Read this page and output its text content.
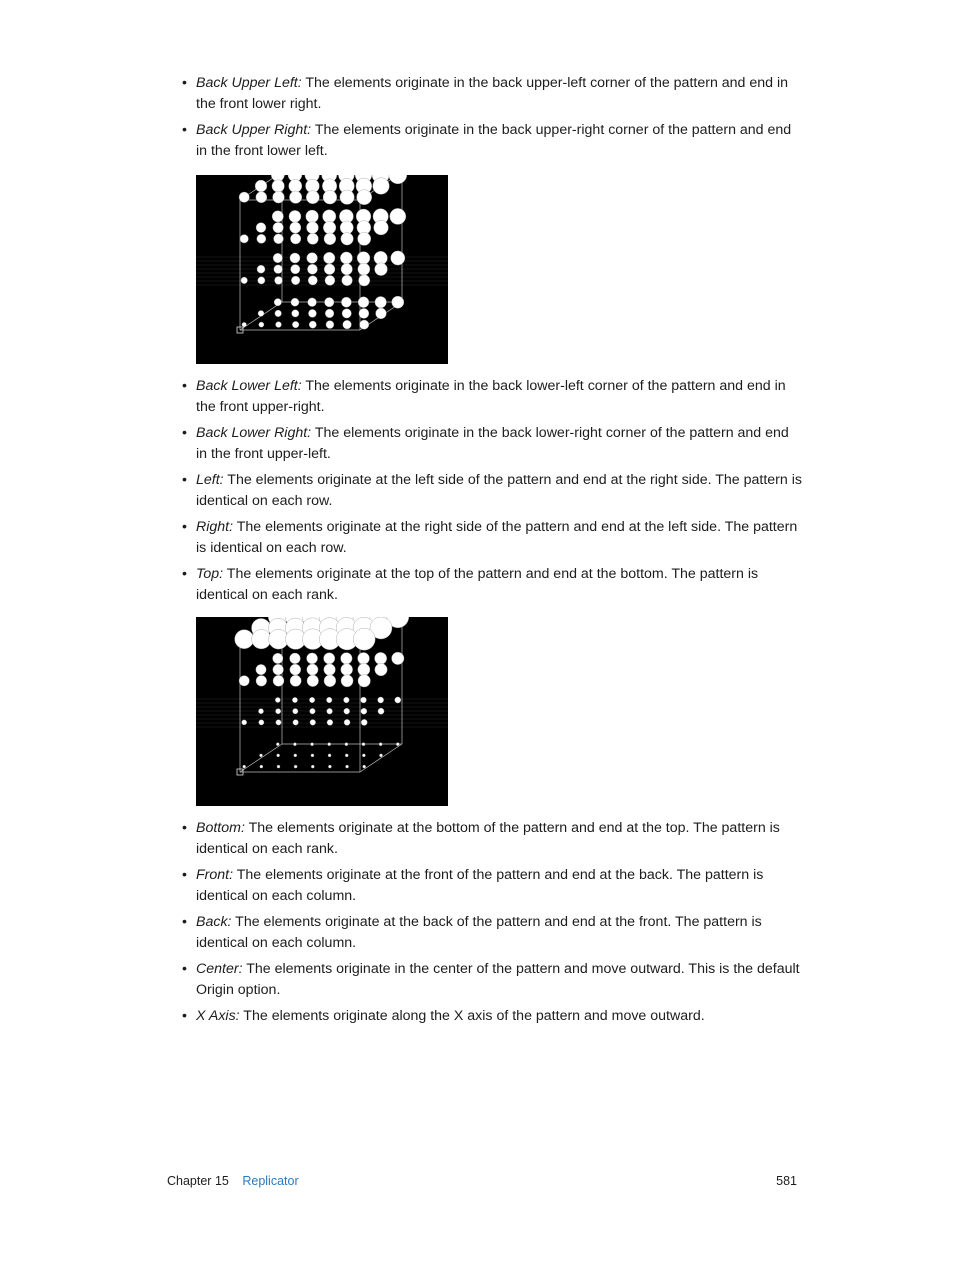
• Back Upper Left: The elements originate in the back upper-left corner of the pattern and end in the front lower right.
• Back Upper Right: The elements originate in the back upper-right corner of the pattern and end in the front lower left.
• Back Lower Left: The elements originate in the back lower-left corner of the pattern and end in the front upper-right.
• Back Lower Right: The elements originate in the back lower-right corner of the pattern and end in the front upper-left.
• Left: The elements originate at the left side of the pattern and end at the right side. The pattern is identical on each row.
• Right: The elements originate at the right side of the pattern and end at the left side. The pattern is identical on each row.
• Top: The elements originate at the top of the pattern and end at the bottom. The pattern is identical on each rank.
• Bottom: The elements originate at the bottom of the pattern and end at the top. The pattern is identical on each rank.
• Front: The elements originate at the front of the pattern and end at the back. The pattern is identical on each column.
• Back: The elements originate at the back of the pattern and end at the front. The pattern is identical on each column.
• Center: The elements originate in the center of the pattern and move outward. This is the default Origin option.
• X Axis: The elements originate along the X axis of the pattern and move outward.
Chapter 15 Replicator	581
